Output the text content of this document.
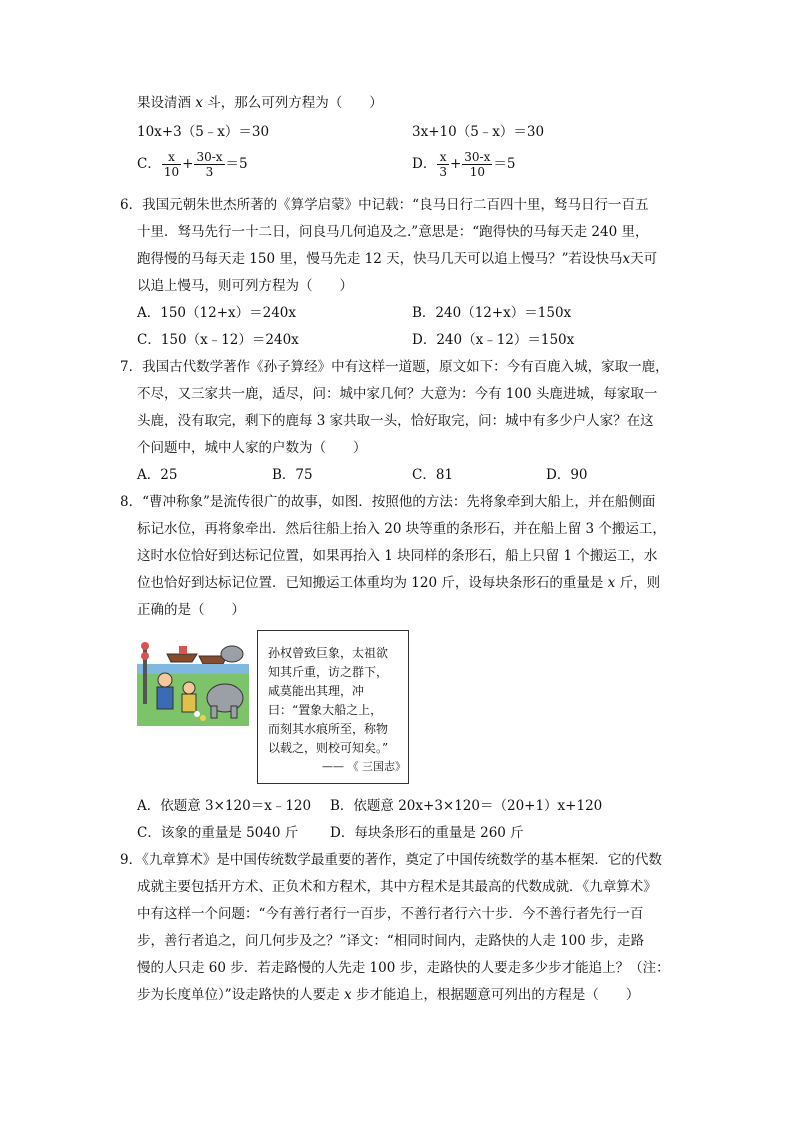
果设清酒 x 斗，那么可列方程为（　　）
10x+3（5﹣x）＝30	3x+10（5﹣x）＝30
C． $\frac{x}{10} + \frac{30-x}{3} =5$	D． $\frac{x}{3} + \frac{30-x}{10} =5$
6．我国元朝朱世杰所著的《算学启蒙》中记载：“良马日行二百四十里，驽马日行一百五
十里．驽马先行一十二日，问良马几何追及之.”意思是：“跑得快的马每天走 240 里，
跑得慢的马每天走 150 里，慢马先走 12 天，快马几天可以追上慢马？”若设快马x天可
以追上慢马，则可列方程为（　　）
A．150（12+x）＝240x	B．240（12+x）＝150x
C．150（x﹣12）＝240x	D．240（x﹣12）＝150x
7．我国古代数学著作《孙子算经》中有这样一道题，原文如下：今有百鹿入城，家取一鹿，
不尽，又三家共一鹿，适尽，问：城中家几何？大意为：今有 100 头鹿进城，每家取一
头鹿，没有取完，剩下的鹿每 3 家共取一头，恰好取完，问：城中有多少户人家？在这
个问题中，城中人家的户数为（　　）
A．25	B．75	C．81	D．90
8．“曹冲称象”是流传很广的故事，如图．按照他的方法：先将象牵到大船上，并在船侧面
标记水位，再将象牵出．然后往船上抬入 20 块等重的条形石，并在船上留 3 个搬运工，
这时水位恰好到达标记位置，如果再抬入 1 块同样的条形石，船上只留 1 个搬运工，水
位也恰好到达标记位置．已知搬运工体重均为 120 斤，设每块条形石的重量是 x 斤，则
正确的是（　　）
孙权曾致巨象，太祖欲
知其斤重，访之群下，
咸莫能出其理，冲
曰：“置象大船之上，
而刻其水痕所至，称物
以载之，则校可知矣。”
—— 《 三国志》
A．依题意 3×120＝x﹣120 B．依题意 20x+3×120＝（20+1）x+120
C．该象的重量是 5040 斤 D．每块条形石的重量是 260 斤
9．《九章算术》是中国传统数学最重要的著作，奠定了中国传统数学的基本框架．它的代数
成就主要包括开方术、正负术和方程术，其中方程术是其最高的代数成就．《九章算术》
中有这样一个问题：“今有善行者行一百步，不善行者行六十步．今不善行者先行一百
步，善行者追之，问几何步及之？”译文：“相同时间内，走路快的人走 100 步，走路
慢的人只走 60 步．若走路慢的人先走 100 步，走路快的人要走多少步才能追上？（注：
步为长度单位）”设走路快的人要走 x 步才能追上，根据题意可列出的方程是（　　）
